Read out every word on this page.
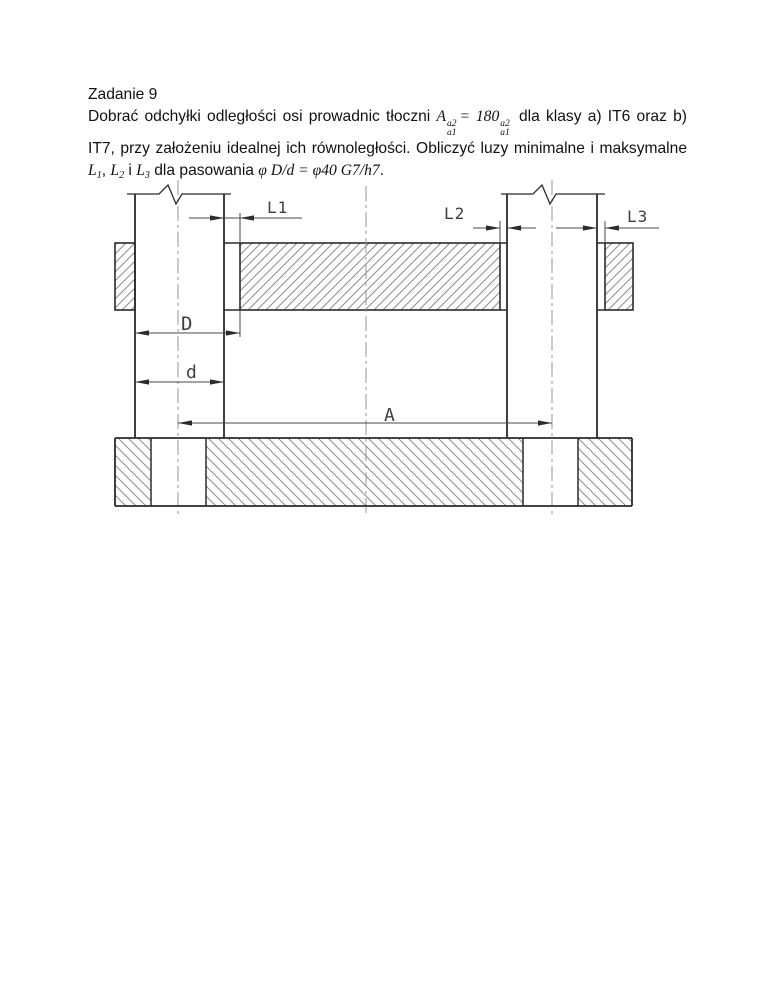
Zadanie 9

Dobrać odchyłki odległości osi prowadnic tłoczni A a2
a1
= 180 a2
a1
dla klasy a) IT6 oraz b) IT7, przy założeniu idealnej ich równoległości. Obliczyć luzy minimalne i maksymalne $L_1$, $L_2$ i $L_3$ dla pasowania φ D/d = φ40 G7/h7.

L1	L2	L3
D
d
A
